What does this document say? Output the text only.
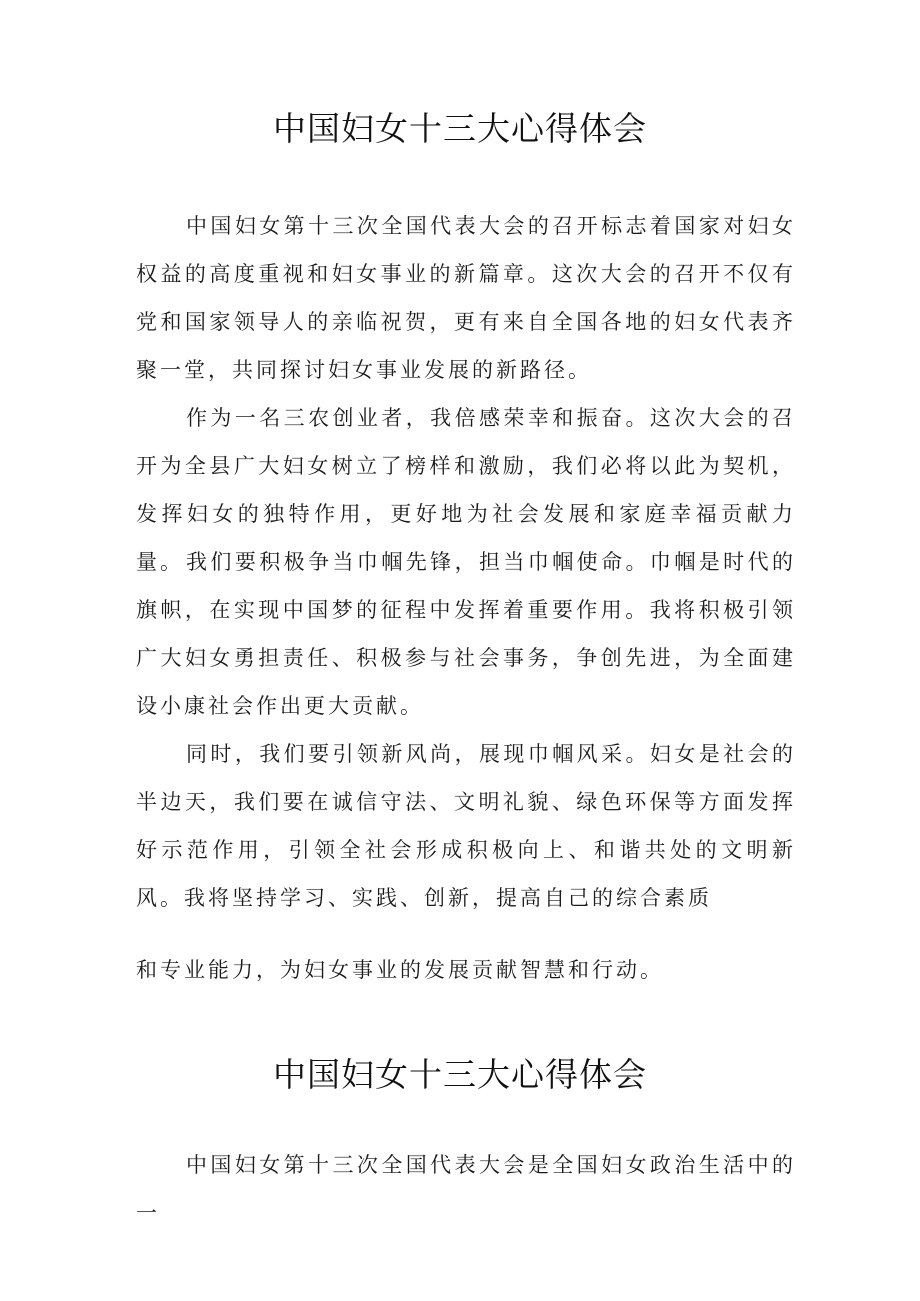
中国妇女十三大心得体会

中国妇女第十三次全国代表大会的召开标志着国家对妇女权益的高度重视和妇女事业的新篇章。这次大会的召开不仅有党和国家领导人的亲临祝贺，更有来自全国各地的妇女代表齐聚一堂，共同探讨妇女事业发展的新路径。

作为一名三农创业者，我倍感荣幸和振奋。这次大会的召开为全县广大妇女树立了榜样和激励，我们必将以此为契机，发挥妇女的独特作用，更好地为社会发展和家庭幸福贡献力量。 我们要积极争当巾帼先锋，担当巾帼使命。巾帼是时代的旗帜，在实现中国梦的征程中发挥着重要作用。我将积极引领广大妇女勇担责任、积极参与社会事务，争创先进，为全面建设小康社会作出更大贡献。

同时，我们要引领新风尚，展现巾帼风采。妇女是社会的半边天，我们要在诚信守法、文明礼貌、绿色环保等方面发挥好示范作用，引领全社会形成积极向上、和谐共处的文明新风。我将坚持学习、实践、创新，提高自己的综合素质

和专业能力，为妇女事业的发展贡献智慧和行动。

中国妇女十三大心得体会

中国妇女第十三次全国代表大会是全国妇女政治生活中的一
